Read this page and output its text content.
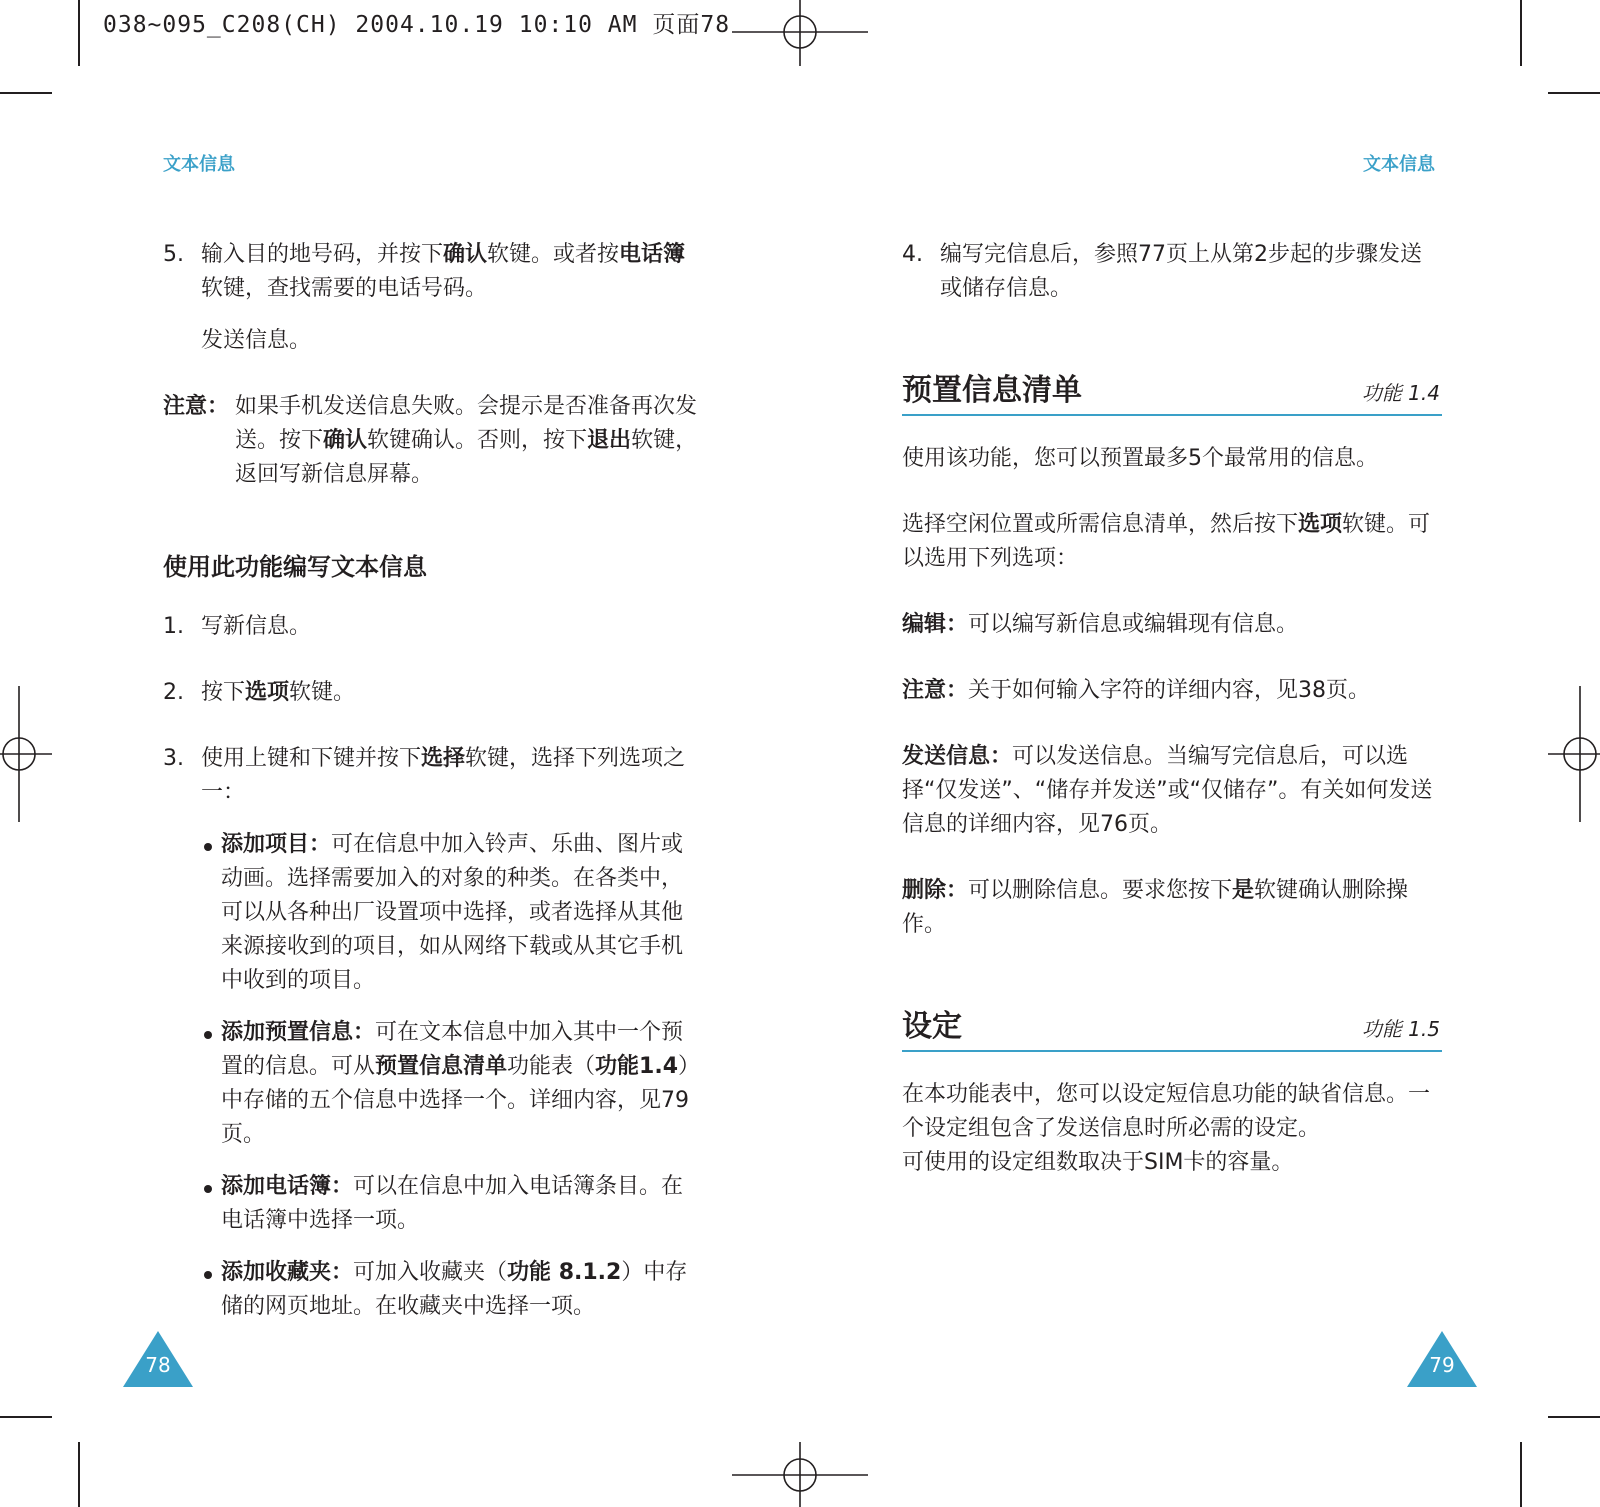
038~095_C208(CH) 2004.10.19 10:10 AM 页面78
文本信息	文本信息

5. 输入目的地号码，并按下确认软键。或者按电话簿软键，查找需要的电话号码。

发送信息。

注意： 如果手机发送信息失败。会提示是否准备再次发送。按下确认软键确认。否则，按下退出软键，返回写新信息屏幕。

使用此功能编写文本信息

1. 写新信息。

2. 按下选项软键。

3. 使用上键和下键并按下选择软键，选择下列选项之一：

添加项目：可在信息中加入铃声、乐曲、图片或动画。选择需要加入的对象的种类。在各类中，可以从各种出厂设置项中选择，或者选择从其他来源接收到的项目，如从网络下载或从其它手机中收到的项目。

添加预置信息：可在文本信息中加入其中一个预置的信息。可从预置信息清单功能表（功能1.4）中存储的五个信息中选择一个。详细内容，见79页。

添加电话簿：可以在信息中加入电话簿条目。在电话簿中选择一项。

添加收藏夹：可加入收藏夹（功能 8.1.2）中存储的网页地址。在收藏夹中选择一项。

78

4. 编写完信息后，参照77页上从第2步起的步骤发送或储存信息。

预置信息清单	功能 1.4

使用该功能，您可以预置最多5个最常用的信息。

选择空闲位置或所需信息清单，然后按下选项软键。可以选用下列选项：

编辑：可以编写新信息或编辑现有信息。

注意：关于如何输入字符的详细内容，见38页。

发送信息：可以发送信息。当编写完信息后，可以选择“仅发送”、“储存并发送”或“仅储存”。有关如何发送信息的详细内容，见76页。

删除：可以删除信息。要求您按下是软键确认删除操作。

设定	功能 1.5

在本功能表中，您可以设定短信息功能的缺省信息。一个设定组包含了发送信息时所必需的设定。

可使用的设定组数取决于SIM卡的容量。

79
